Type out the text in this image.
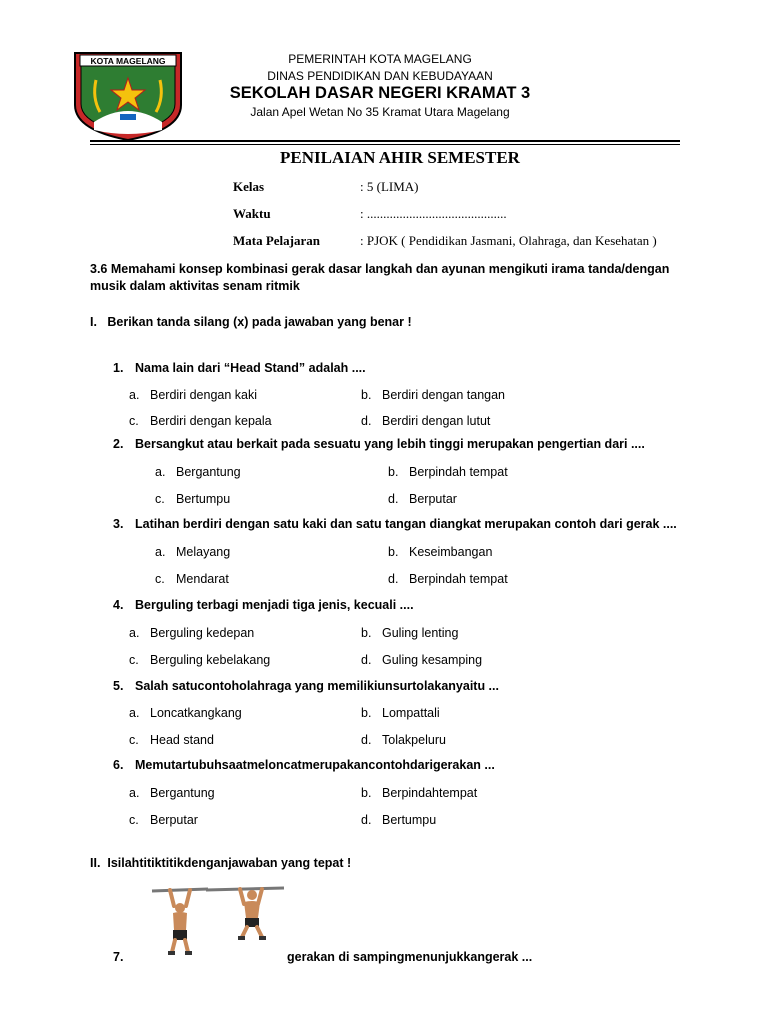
KOTA MAGELANG	PEMERINTAH KOTA MAGELANG
DINAS PENDIDIKAN DAN KEBUDAYAAN
SEKOLAH DASAR NEGERI KRAMAT 3
Jalan Apel Wetan No 35 Kramat Utara Magelang
PENILAIAN AHIR SEMESTER
Kelas	: 5 (LIMA)
Waktu	: ...........................................
Mata Pelajaran	: PJOK ( Pendidikan Jasmani, Olahraga, dan Kesehatan )
3.6 Memahami konsep kombinasi gerak dasar langkah dan ayunan mengikuti irama tanda/dengan
musik dalam aktivitas senam ritmik
I.   Berikan tanda silang (x) pada jawaban yang benar !
1. Nama lain dari “Head Stand” adalah ....
a. Berdiri dengan kaki	b. Berdiri dengan tangan
c. Berdiri dengan kepala	d. Berdiri dengan lutut
2. Bersangkut atau berkait pada sesuatu yang lebih tinggi merupakan pengertian dari ....
a. Bergantung	b. Berpindah tempat
c. Bertumpu	d. Berputar
3. Latihan berdiri dengan satu kaki dan satu tangan diangkat merupakan contoh dari gerak ....
a. Melayang	b. Keseimbangan
c. Mendarat	d. Berpindah tempat
4. Berguling terbagi menjadi tiga jenis, kecuali ....
a. Berguling kedepan	b. Guling lenting
c. Berguling kebelakang	d. Guling kesamping
5. Salah satucontoholahraga yang memilikiunsurtolakanyaitu ...
a. Loncatkangkang	b. Lompattali
c. Head stand	d. Tolakpeluru
6. Memutartubuhsaatmeloncatmerupakancontohdarigerakan ...
a. Bergantung	b. Berpindahtempat
c. Berputar	d. Bertumpu
II.  Isilahtitiktitikdenganjawaban yang tepat !
7.	gerakan di sampingmenunjukkangerak ...
